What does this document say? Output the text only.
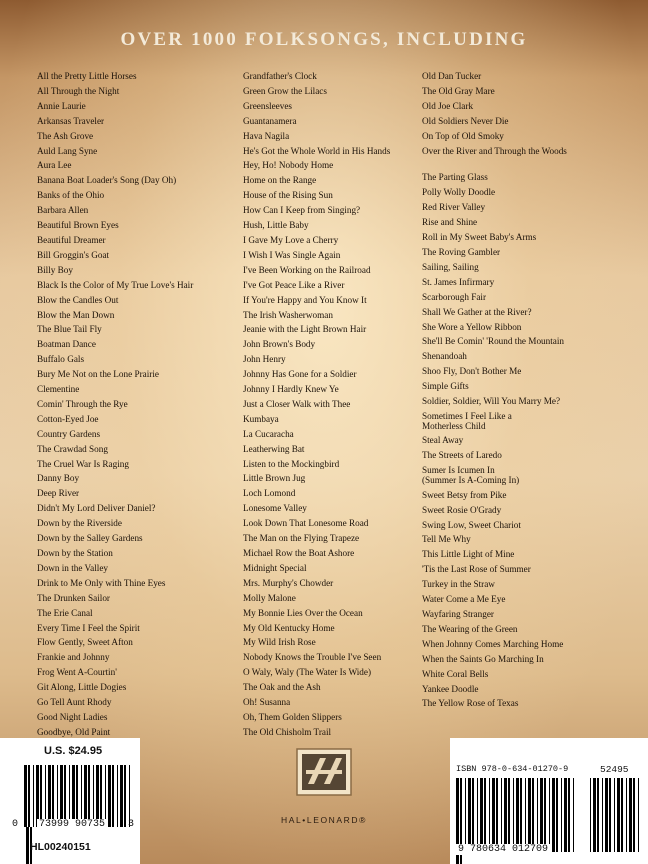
OVER 1000 FOLKSONGS, INCLUDING
All the Pretty Little Horses
All Through the Night
Annie Laurie
Arkansas Traveler
The Ash Grove
Auld Lang Syne
Aura Lee
Banana Boat Loader's Song (Day Oh)
Banks of the Ohio
Barbara Allen
Beautiful Brown Eyes
Beautiful Dreamer
Bill Groggin's Goat
Billy Boy
Black Is the Color of My True Love's Hair
Blow the Candles Out
Blow the Man Down
The Blue Tail Fly
Boatman Dance
Buffalo Gals
Bury Me Not on the Lone Prairie
Clementine
Comin' Through the Rye
Cotton-Eyed Joe
Country Gardens
The Crawdad Song
The Cruel War Is Raging
Danny Boy
Deep River
Didn't My Lord Deliver Daniel?
Down by the Riverside
Down by the Salley Gardens
Down by the Station
Down in the Valley
Drink to Me Only with Thine Eyes
The Drunken Sailor
The Erie Canal
Every Time I Feel the Spirit
Flow Gently, Sweet Afton
Frankie and Johnny
Frog Went A-Courtin'
Git Along, Little Dogies
Go Tell Aunt Rhody
Good Night Ladies
Goodbye, Old Paint
Grandfather's Clock
Green Grow the Lilacs
Greensleeves
Guantanamera
Hava Nagila
He's Got the Whole World in His Hands
Hey, Ho! Nobody Home
Home on the Range
House of the Rising Sun
How Can I Keep from Singing?
Hush, Little Baby
I Gave My Love a Cherry
I Wish I Was Single Again
I've Been Working on the Railroad
I've Got Peace Like a River
If You're Happy and You Know It
The Irish Washerwoman
Jeanie with the Light Brown Hair
John Brown's Body
John Henry
Johnny Has Gone for a Soldier
Johnny I Hardly Knew Ye
Just a Closer Walk with Thee
Kumbaya
La Cucaracha
Leatherwing Bat
Listen to the Mockingbird
Little Brown Jug
Loch Lomond
Lonesome Valley
Look Down That Lonesome Road
The Man on the Flying Trapeze
Michael Row the Boat Ashore
Midnight Special
Mrs. Murphy's Chowder
Molly Malone
My Bonnie Lies Over the Ocean
My Old Kentucky Home
My Wild Irish Rose
Nobody Knows the Trouble I've Seen
O Waly, Waly (The Water Is Wide)
The Oak and the Ash
Oh! Susanna
Oh, Them Golden Slippers
The Old Chisholm Trail
Old Dan Tucker
The Old Gray Mare
Old Joe Clark
Old Soldiers Never Die
On Top of Old Smoky
Over the River and Through the Woods
The Parting Glass
Polly Wolly Doodle
Red River Valley
Rise and Shine
Roll in My Sweet Baby's Arms
The Roving Gambler
Sailing, Sailing
St. James Infirmary
Scarborough Fair
Shall We Gather at the River?
She Wore a Yellow Ribbon
She'll Be Comin' 'Round the Mountain
Shenandoah
Shoo Fly, Don't Bother Me
Simple Gifts
Soldier, Soldier, Will You Marry Me?
Sometimes I Feel Like a
Motherless Child
Steal Away
The Streets of Laredo
Sumer Is Icumen In
(Summer Is A-Coming In)
Sweet Betsy from Pike
Sweet Rosie O'Grady
Swing Low, Sweet Chariot
Tell Me Why
This Little Light of Mine
'Tis the Last Rose of Summer
Turkey in the Straw
Water Come a Me Eye
Wayfaring Stranger
The Wearing of the Green
When Johnny Comes Marching Home
When the Saints Go Marching In
White Coral Bells
Yankee Doodle
The Yellow Rose of Texas
U.S. $24.95
0 73999 90735 3
HL00240151
HAL•LEONARD®
ISBN 978-0-634-01270-9
9 780634 012709
52495
